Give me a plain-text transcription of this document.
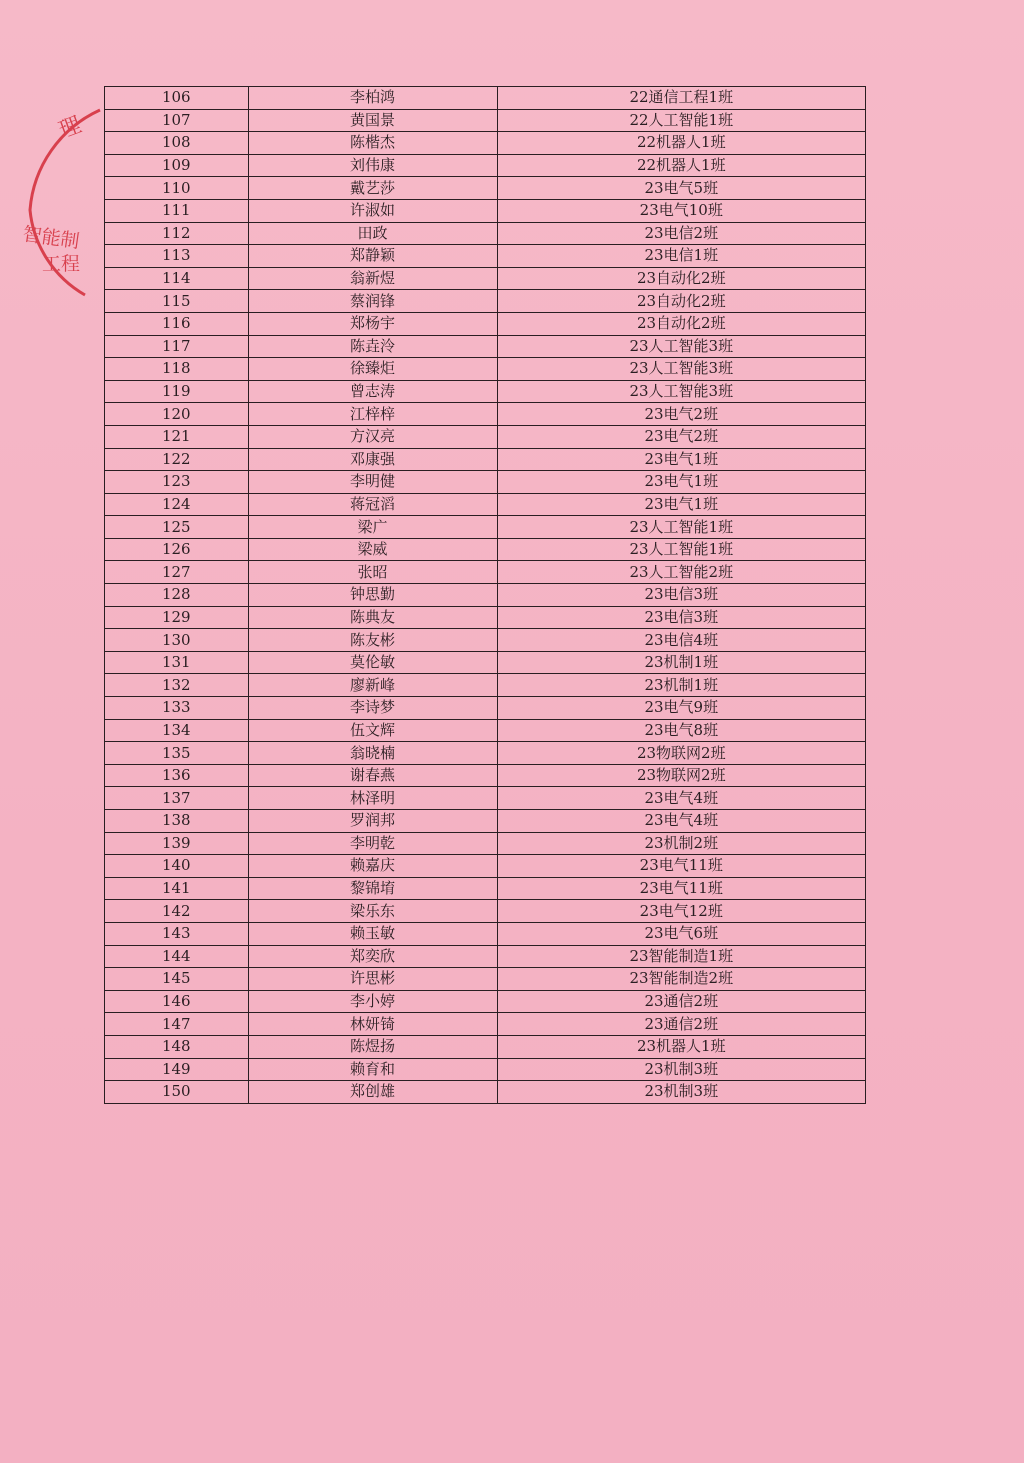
理
智能制
工程
106	李柏鸿	22通信工程1班
107	黄国景	22人工智能1班
108	陈楷杰	22机器人1班
109	刘伟康	22机器人1班
110	戴艺莎	23电气5班
111	许淑如	23电气10班
112	田政	23电信2班
113	郑静颖	23电信1班
114	翁新煜	23自动化2班
115	蔡润锋	23自动化2班
116	郑杨宇	23自动化2班
117	陈垚泠	23人工智能3班
118	徐臻炬	23人工智能3班
119	曾志涛	23人工智能3班
120	江梓梓	23电气2班
121	方汉亮	23电气2班
122	邓康强	23电气1班
123	李明健	23电气1班
124	蒋冠滔	23电气1班
125	梁广	23人工智能1班
126	梁威	23人工智能1班
127	张昭	23人工智能2班
128	钟思勤	23电信3班
129	陈典友	23电信3班
130	陈友彬	23电信4班
131	莫伦敏	23机制1班
132	廖新峰	23机制1班
133	李诗梦	23电气9班
134	伍文辉	23电气8班
135	翁晓楠	23物联网2班
136	谢春燕	23物联网2班
137	林泽明	23电气4班
138	罗润邦	23电气4班
139	李明乾	23机制2班
140	赖嘉庆	23电气11班
141	黎锦堉	23电气11班
142	梁乐东	23电气12班
143	赖玉敏	23电气6班
144	郑奕欣	23智能制造1班
145	许思彬	23智能制造2班
146	李小婷	23通信2班
147	林妍锜	23通信2班
148	陈煜扬	23机器人1班
149	赖育和	23机制3班
150	郑创雄	23机制3班
